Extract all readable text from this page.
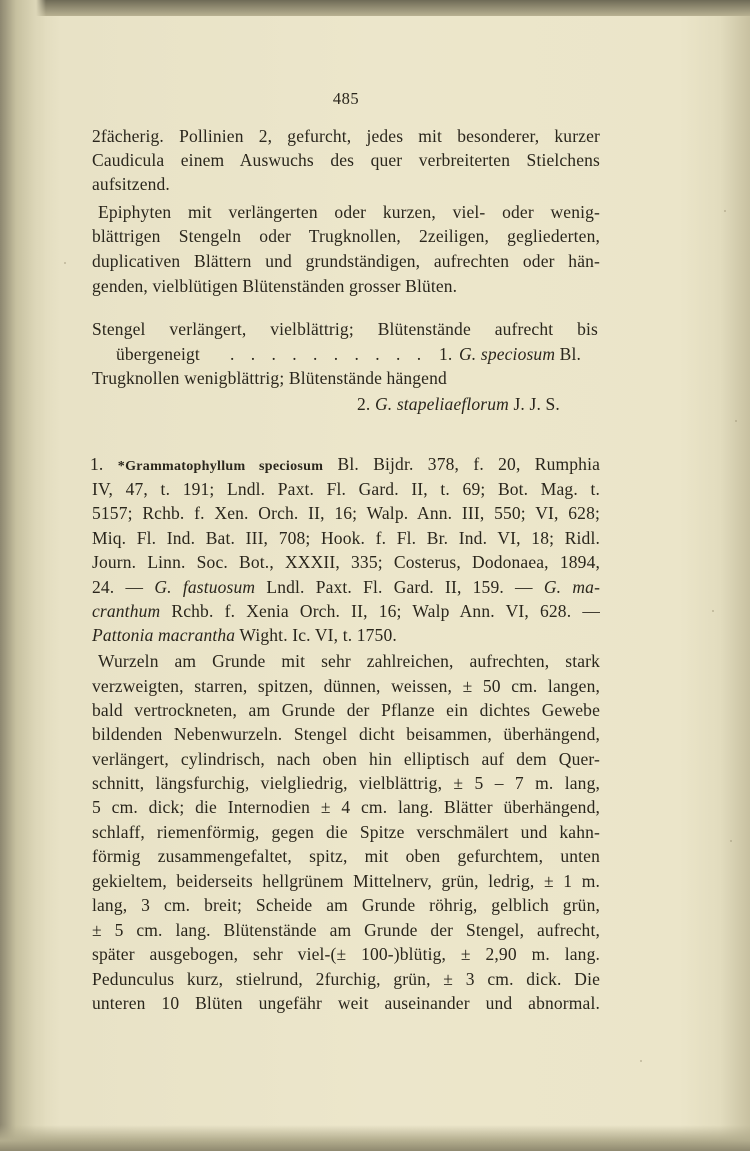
485
2fächerig. Pollinien 2, gefurcht, jedes mit besonderer, kurzer
Caudicula einem Auswuchs des quer verbreiterten Stielchens
aufsitzend.
Epiphyten mit verlängerten oder kurzen, viel- oder wenig-
blättrigen Stengeln oder Trugknollen, 2zeiligen, gegliederten,
duplicativen Blättern und grundständigen, aufrechten oder hän-
genden, vielblütigen Blütenständen grosser Blüten.
Stengel verlängert, vielblättrig; Blütenstände aufrecht bis
übergeneigt . . . . . . . . . . 1. G. speciosum Bl.
Trugknollen wenigblättrig; Blütenstände hängend
2. G. stapeliaeflorum J. J. S.
1. *Grammatophyllum speciosum Bl. Bijdr. 378, f. 20, Rumphia
IV, 47, t. 191; Lndl. Paxt. Fl. Gard. II, t. 69; Bot. Mag. t.
5157; Rchb. f. Xen. Orch. II, 16; Walp. Ann. III, 550; VI, 628;
Miq. Fl. Ind. Bat. III, 708; Hook. f. Fl. Br. Ind. VI, 18; Ridl.
Journ. Linn. Soc. Bot., XXXII, 335; Costerus, Dodonaea, 1894,
24. — G. fastuosum Lndl. Paxt. Fl. Gard. II, 159. — G. ma-
cranthum Rchb. f. Xenia Orch. II, 16; Walp Ann. VI, 628. —
Pattonia macrantha Wight. Ic. VI, t. 1750.
Wurzeln am Grunde mit sehr zahlreichen, aufrechten, stark
verzweigten, starren, spitzen, dünnen, weissen, ± 50 cm. langen,
bald vertrockneten, am Grunde der Pflanze ein dichtes Gewebe
bildenden Nebenwurzeln. Stengel dicht beisammen, überhängend,
verlängert, cylindrisch, nach oben hin elliptisch auf dem Quer-
schnitt, längsfurchig, vielgliedrig, vielblättrig, ± 5 – 7 m. lang,
5 cm. dick; die Internodien ± 4 cm. lang. Blätter überhängend,
schlaff, riemenförmig, gegen die Spitze verschmälert und kahn-
förmig zusammengefaltet, spitz, mit oben gefurchtem, unten
gekieltem, beiderseits hellgrünem Mittelnerv, grün, ledrig, ± 1 m.
lang, 3 cm. breit; Scheide am Grunde röhrig, gelblich grün,
± 5 cm. lang. Blütenstände am Grunde der Stengel, aufrecht,
später ausgebogen, sehr viel-(± 100-)blütig, ± 2,90 m. lang.
Pedunculus kurz, stielrund, 2furchig, grün, ± 3 cm. dick. Die
unteren 10 Blüten ungefähr weit auseinander und abnormal.
